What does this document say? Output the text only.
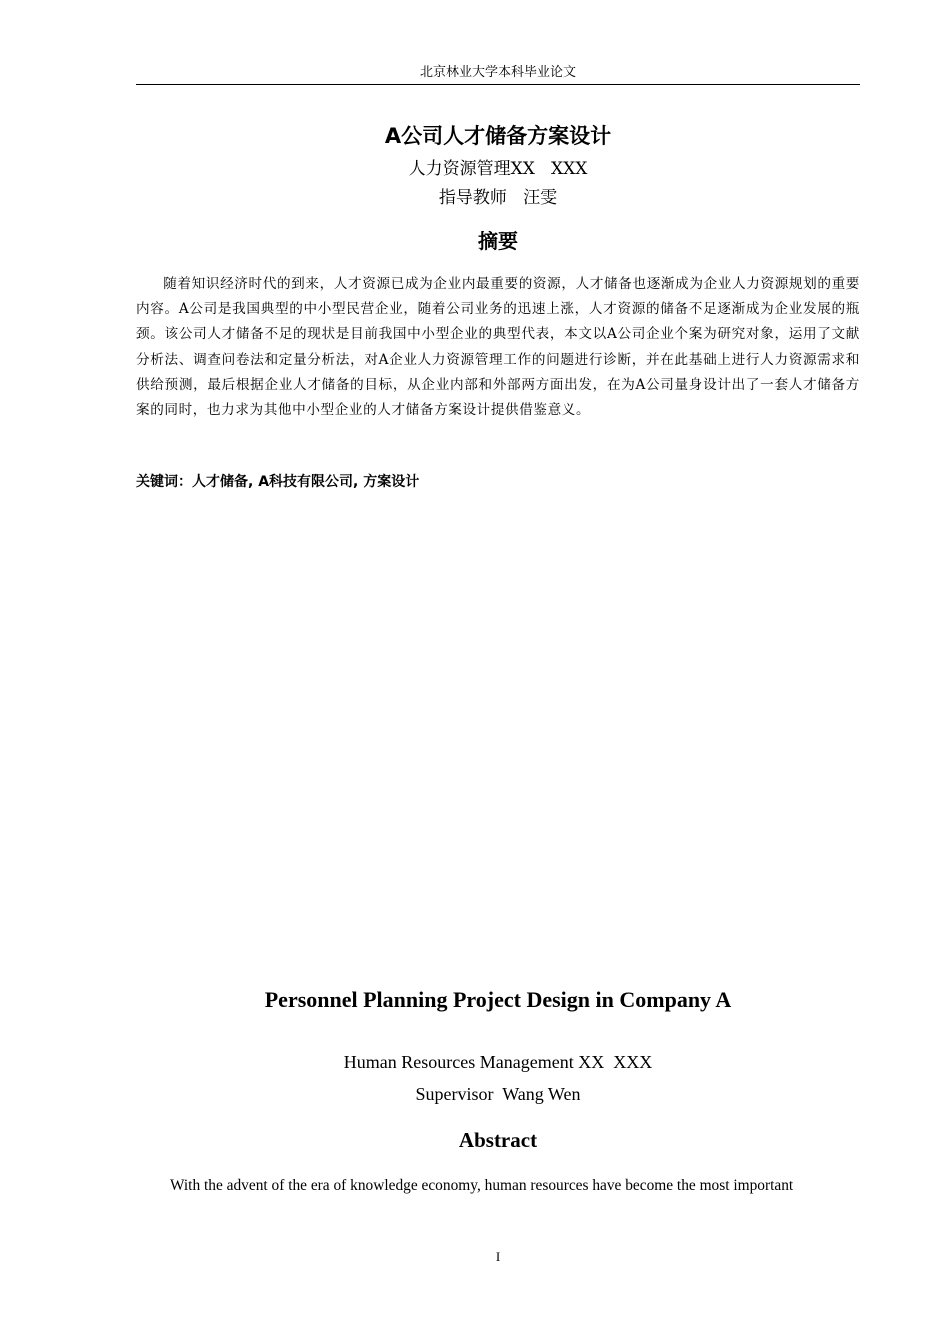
北京林业大学本科毕业论文
A公司人才储备方案设计
人力资源管理XX   XXX
指导教师   汪雯
摘要

随着知识经济时代的到来，人才资源已成为企业内最重要的资源，人才储备也逐渐成为企业人力资源规划的重要内容。A公司是我国典型的中小型民营企业，随着公司业务的迅速上涨，人才资源的储备不足逐渐成为企业发展的瓶颈。该公司人才储备不足的现状是目前我国中小型企业的典型代表，本文以A公司企业个案为研究对象，运用了文献分析法、调查问卷法和定量分析法，对A企业人力资源管理工作的问题进行诊断，并在此基础上进行人力资源需求和供给预测，最后根据企业人才储备的目标，从企业内部和外部两方面出发，在为A公司量身设计出了一套人才储备方案的同时，也力求为其他中小型企业的人才储备方案设计提供借鉴意义。

关键词：人才储备, A科技有限公司, 方案设计
Personnel Planning Project Design in Company A
Human Resources Management XX  XXX
Supervisor  Wang Wen
Abstract

With the advent of the era of knowledge economy, human resources have become the most important

I
